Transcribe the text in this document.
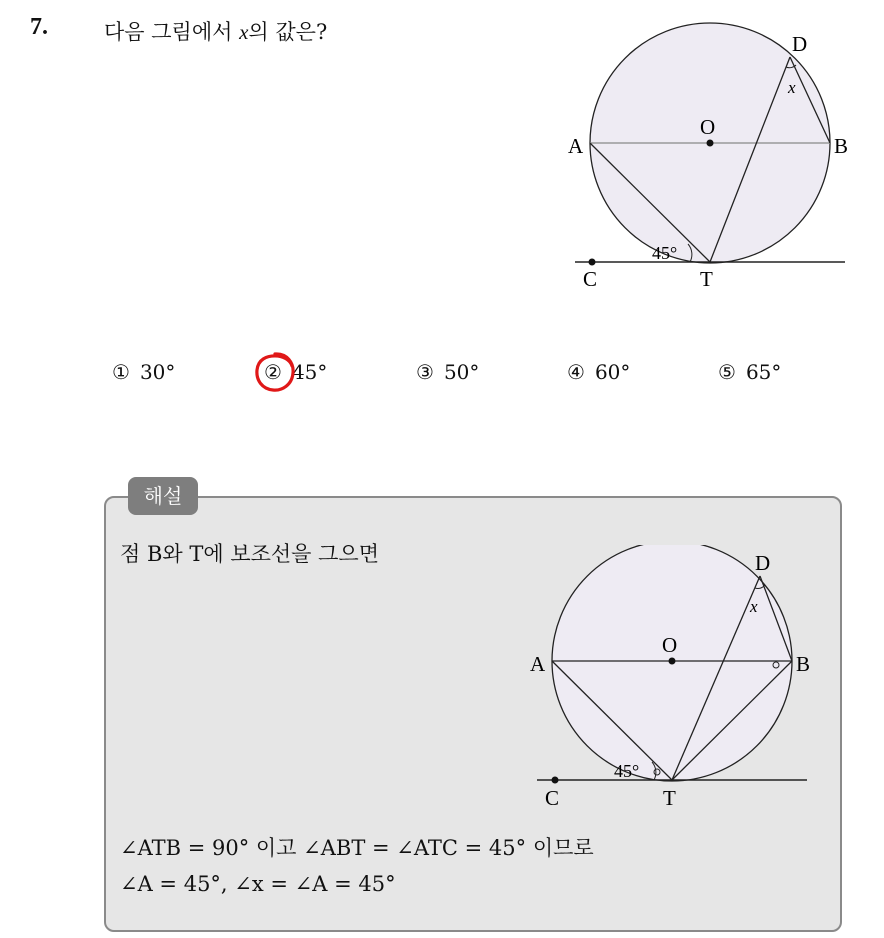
7.	다음 그림에서 x의 값은?
O
A	B
D
x
C	T
45°
① 30°	② 45°	③ 50°	④ 60°	⑤ 65°
해설
점 B와 T에 보조선을 그으면
O
A	B
D
x
C	T
45°
∠ATB = 90° 이고 ∠ABT = ∠ATC = 45° 이므로
∠A = 45°, ∠x = ∠A = 45°
